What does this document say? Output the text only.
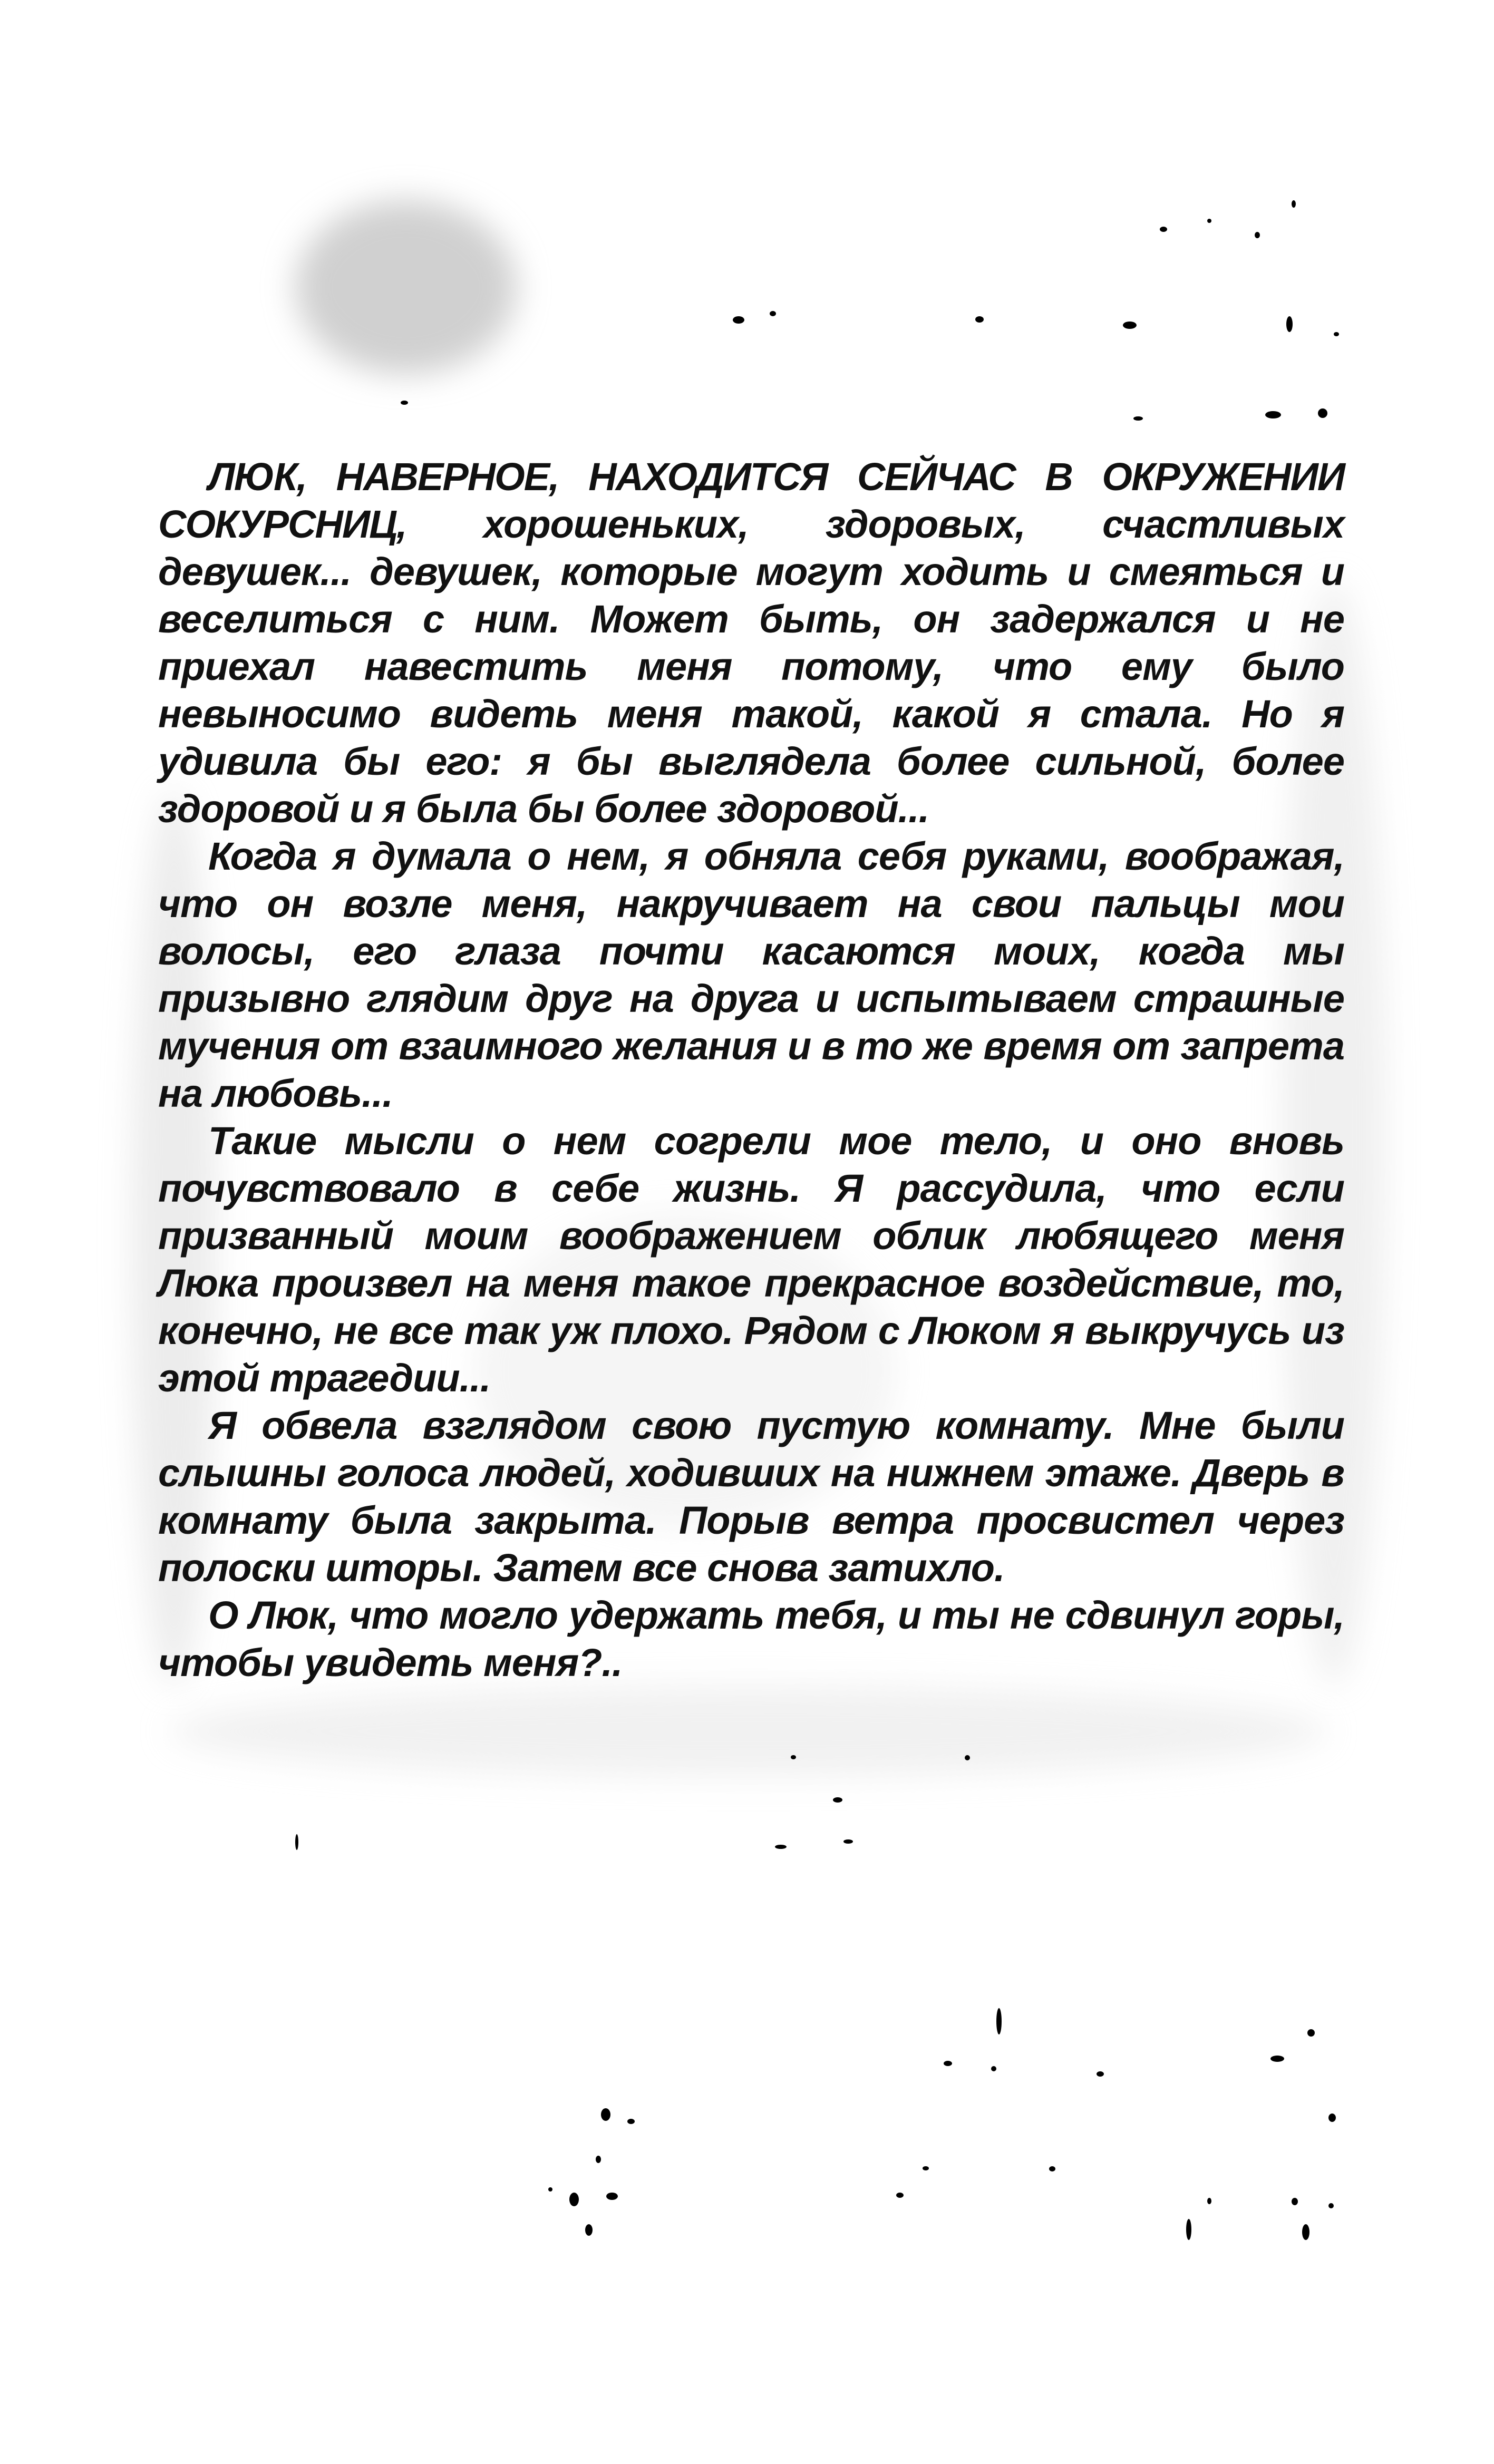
ЛЮК, НАВЕРНОЕ, НАХОДИТСЯ СЕЙЧАС В ОКРУЖЕНИИ СОКУРСНИЦ, хорошеньких, здоровых, счастливых девушек... девушек, которые могут ходить и смеяться и веселиться с ним. Может быть, он задержался и не приехал навестить меня потому, что ему было невыносимо видеть меня такой, какой я стала. Но я удивила бы его: я бы выглядела более сильной, более здоровой и я была бы более здоровой...

Когда я думала о нем, я обняла себя руками, воображая, что он возле меня, накручивает на свои пальцы мои волосы, его глаза почти касаются моих, когда мы призывно глядим друг на друга и испытываем страшные мучения от взаимного желания и в то же время от запрета на любовь...

Такие мысли о нем согрели мое тело, и оно вновь почувствовало в себе жизнь. Я рассудила, что если призванный моим воображением облик любящего меня Люка произвел на меня такое прекрасное воздействие, то, конечно, не все так уж плохо. Рядом с Люком я выкручусь из этой трагедии...

Я обвела взглядом свою пустую комнату. Мне были слышны голоса людей, ходивших на нижнем этаже. Дверь в комнату была закрыта. Порыв ветра просвистел через полоски шторы. Затем все снова затихло.

О Люк, что могло удержать тебя, и ты не сдвинул горы, чтобы увидеть меня?..
